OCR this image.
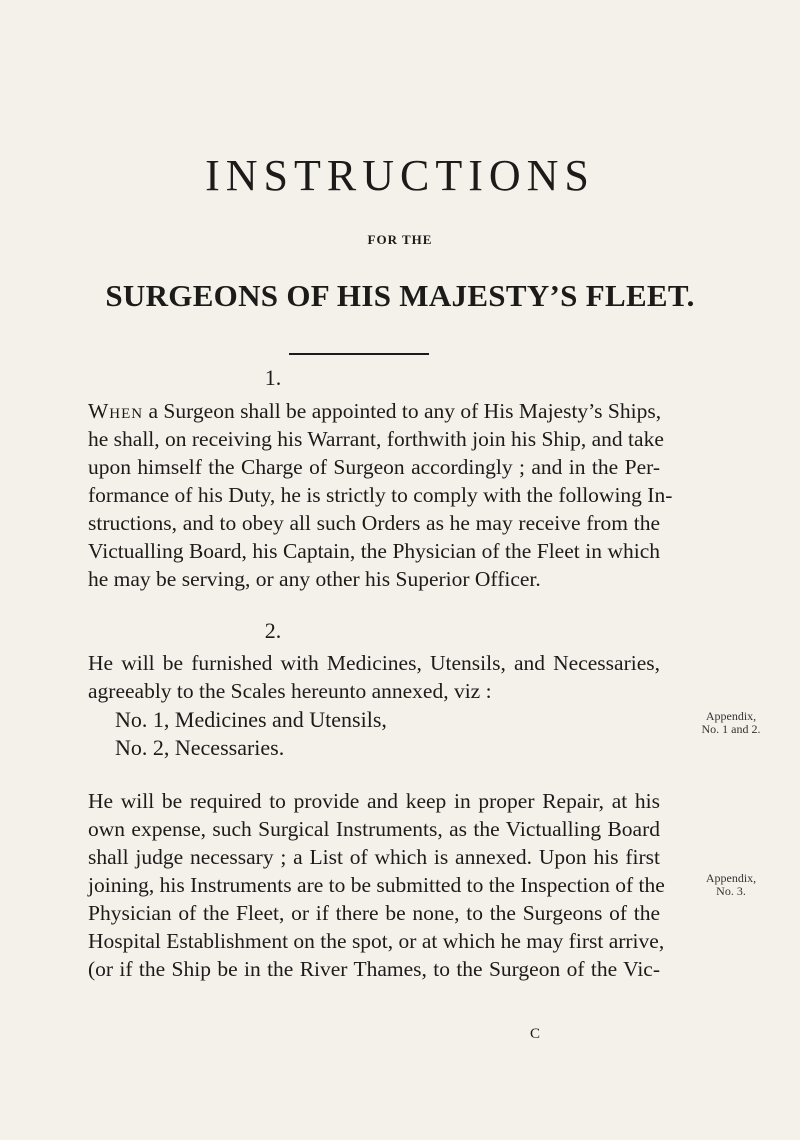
INSTRUCTIONS
FOR THE
SURGEONS OF HIS MAJESTY’S FLEET.
1.
When a Surgeon shall be appointed to any of His Majesty’s Ships,
he shall, on receiving his Warrant, forthwith join his Ship, and take
upon himself the Charge of Surgeon accordingly ; and in the Per-
formance of his Duty, he is strictly to comply with the following In-
structions, and to obey all such Orders as he may receive from the
Victualling Board, his Captain, the Physician of the Fleet in which
he may be serving, or any other his Superior Officer.
2.
He will be furnished with Medicines, Utensils, and Necessaries,
agreeably to the Scales hereunto annexed, viz :
No. 1, Medicines and Utensils,
No. 2, Necessaries.
Appendix,
No. 1 and 2.
He will be required to provide and keep in proper Repair, at his
own expense, such Surgical Instruments, as the Victualling Board
shall judge necessary ; a List of which is annexed. Upon his first
joining, his Instruments are to be submitted to the Inspection of the
Physician of the Fleet, or if there be none, to the Surgeons of the
Hospital Establishment on the spot, or at which he may first arrive,
(or if the Ship be in the River Thames, to the Surgeon of the Vic-
Appendix,
No. 3.
C
